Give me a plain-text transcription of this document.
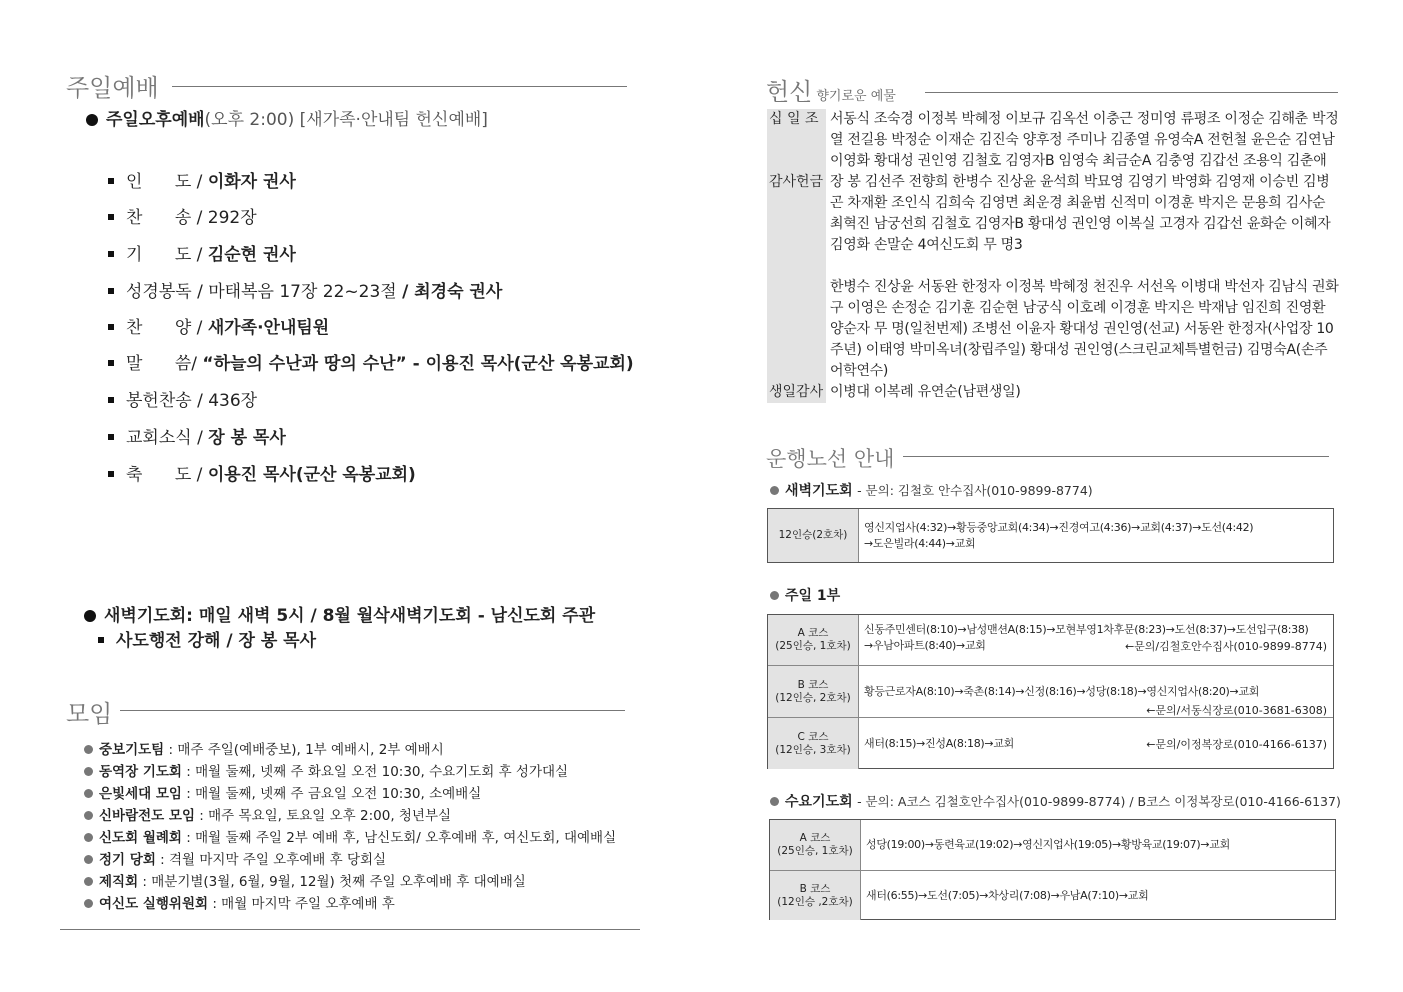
주일예배
주일오후예배(오후 2:00) [새가족·안내팀 헌신예배]
인      도 / 이화자 권사
찬      송 / 292장
기      도 / 김순현 권사
성경봉독 / 마태복음 17장 22~23절 / 최경숙 권사
찬      양 / 새가족·안내팀원
말      씀/ “하늘의 수난과 땅의 수난” - 이용진 목사(군산 옥봉교회)
봉헌찬송 / 436장
교회소식 / 장 봉 목사
축      도 / 이용진 목사(군산 옥봉교회)
새벽기도회: 매일 새벽 5시 / 8월 월삭새벽기도회 - 남신도회 주관
사도행전 강해 / 장 봉 목사
모임
중보기도팀 : 매주 주일(예배중보), 1부 예배시, 2부 예배시
동역장 기도회 : 매월 둘째, 넷째 주 화요일 오전 10:30, 수요기도회 후 성가대실
은빛세대 모임 : 매월 둘째, 넷째 주 금요일 오전 10:30, 소예배실
신바람전도 모임 : 매주 목요일, 토요일 오후 2:00, 청년부실
신도회 월례회 : 매월 둘째 주일 2부 예배 후, 남신도회/ 오후예배 후, 여신도회, 대예배실
정기 당회 : 격월 마지막 주일 오후예배 후 당회실
제직회 : 매분기별(3월, 6월, 9월, 12월) 첫째 주일 오후예배 후 대예배실
여신도 실행위원회 : 매월 마지막 주일 오후예배 후
헌신 향기로운 예물
십 일 조 서동식 조숙경 이정복 박혜정 이보규 김옥선 이충근 정미영 류평조 이정순 김해춘 박정열 전길용 박정순 이재순 김진숙 양후정 주미나 김종열 유영숙A 전헌철 윤은순 김연남 이영화 황대성 권인영 김철호 김영자B 임영숙 최금순A 김충영 김갑선 조용익 김춘애
감사헌금 장 봉 김선주 전향희 한병수 진상윤 윤석희 박묘영 김영기 박영화 김영재 이승빈 김병곤 차재환 조인식 김희숙 김영면 최운경 최윤범 신적미 이경훈 박지은 문용희 김사순 최혁진 남궁선희 김철호 김영자B 황대성 권인영 이복실 고경자 김갑선 윤화순 이혜자 김영화 손말순 4여신도회 무 명3
한병수 진상윤 서동완 한정자 이정복 박혜정 천진우 서선옥 이병대 박선자 김남식 권화구 이영은 손정순 김기훈 김순현 남궁식 이호례 이경훈 박지은 박재남 임진희 진영환 양순자 무 명(일천번제) 조병선 이윤자 황대성 권인영(선교) 서동완 한정자(사업장 10주년) 이태영 박미옥녀(창립주일) 황대성 권인영(스크린교체특별헌금) 김명숙A(손주 어학연수)
생일감사 이병대 이복례 유연순(남편생일)
운행노선 안내
새벽기도회 - 문의: 김철호 안수집사(010-9899-8774)
12인승(2호차)
영신지업사(4:32)→황등중앙교회(4:34)→진경여고(4:36)→교회(4:37)→도선(4:42)
→도은빌라(4:44)→교회
주일 1부
A 코스
(25인승, 1호차)
신동주민센터(8:10)→남성맨션A(8:15)→모현부영1차후문(8:23)→도선(8:37)→도선입구(8:38)
→우남아파트(8:40)→교회	←문의/김철호안수집사(010-9899-8774)
B 코스
(12인승, 2호차) 황등근로자A(8:10)→죽촌(8:14)→신정(8:16)→성당(8:18)→영신지업사(8:20)→교회
←문의/서동식장로(010-3681-6308)
C 코스
(12인승, 3호차) 새터(8:15)→진성A(8:18)→교회	←문의/이정복장로(010-4166-6137)
수요기도회 - 문의: A코스 김철호안수집사(010-9899-8774) / B코스 이정복장로(010-4166-6137)
A 코스
(25인승, 1호차) 성당(19:00)→동련육교(19:02)→영신지업사(19:05)→황방육교(19:07)→교회
B 코스
(12인승 ,2호차) 새터(6:55)→도선(7:05)→차상리(7:08)→우남A(7:10)→교회
